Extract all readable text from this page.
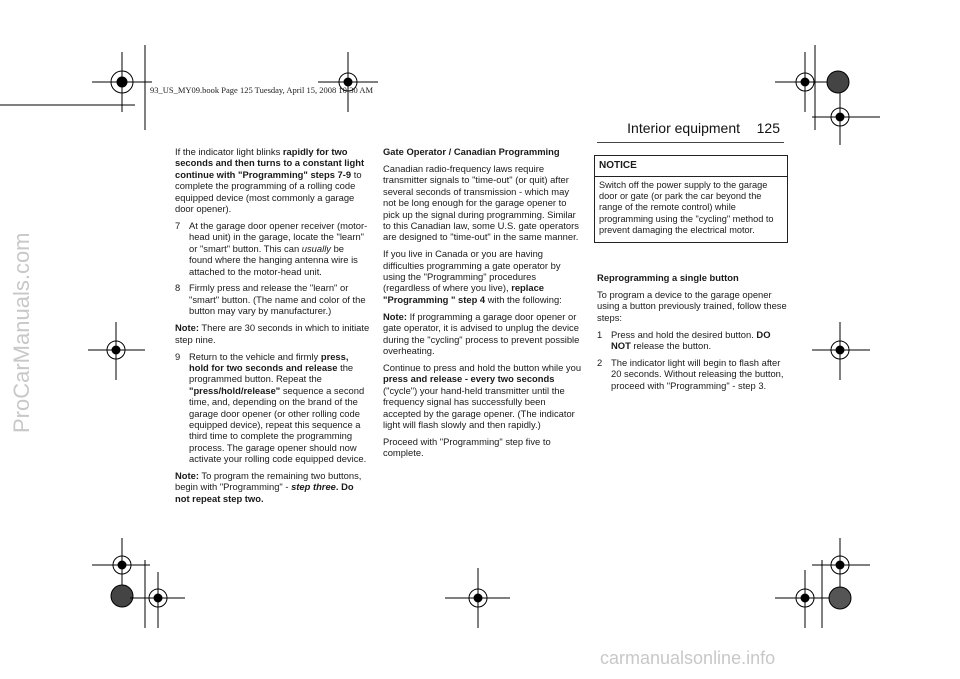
93_US_MY09.book Page 125 Tuesday, April 15, 2008 10:30 AM
ProCarManuals.com
carmanualsonline.info
Interior equipment 125

If the indicator light blinks rapidly for two seconds and then turns to a constant light continue with "Programming" steps 7-9 to complete the programming of a rolling code equipped device (most commonly a garage door opener).

7 At the garage door opener receiver (motor-head unit) in the garage, locate the "learn" or "smart" button. This can usually be found where the hanging antenna wire is attached to the motor-head unit.
8 Firmly press and release the "learn" or "smart" button. (The name and color of the button may vary by manufacturer.)

Note: There are 30 seconds in which to initiate step nine.

9 Return to the vehicle and firmly press, hold for two seconds and release the programmed button. Repeat the "press/hold/release" sequence a second time, and, depending on the brand of the garage door opener (or other rolling code equipped device), repeat this sequence a third time to complete the programming process. The garage opener should now activate your rolling code equipped device.

Note: To program the remaining two buttons, begin with "Programming" - step three. Do not repeat step two.

Gate Operator / Canadian Programming

Canadian radio-frequency laws require transmitter signals to "time-out" (or quit) after several seconds of transmission - which may not be long enough for the garage opener to pick up the signal during programming. Similar to this Canadian law, some U.S. gate operators are designed to "time-out" in the same manner.

If you live in Canada or you are having difficulties programming a gate operator by using the "Programming" procedures (regardless of where you live), replace "Programming " step 4 with the following:

Note: If programming a garage door opener or gate operator, it is advised to unplug the device during the "cycling" process to prevent possible overheating.

Continue to press and hold the button while you press and release - every two seconds ("cycle") your hand-held transmitter until the frequency signal has successfully been accepted by the garage opener. (The indicator light will flash slowly and then rapidly.)

Proceed with "Programming" step five to complete.

NOTICE
Switch off the power supply to the garage door or gate (or park the car beyond the range of the remote control) while programming using the "cycling" method to prevent damaging the electrical motor.

Reprogramming a single button

To program a device to the garage opener using a button previously trained, follow these steps:

1 Press and hold the desired button. DO NOT release the button.
2 The indicator light will begin to flash after 20 seconds. Without releasing the button, proceed with "Programming" - step 3.
